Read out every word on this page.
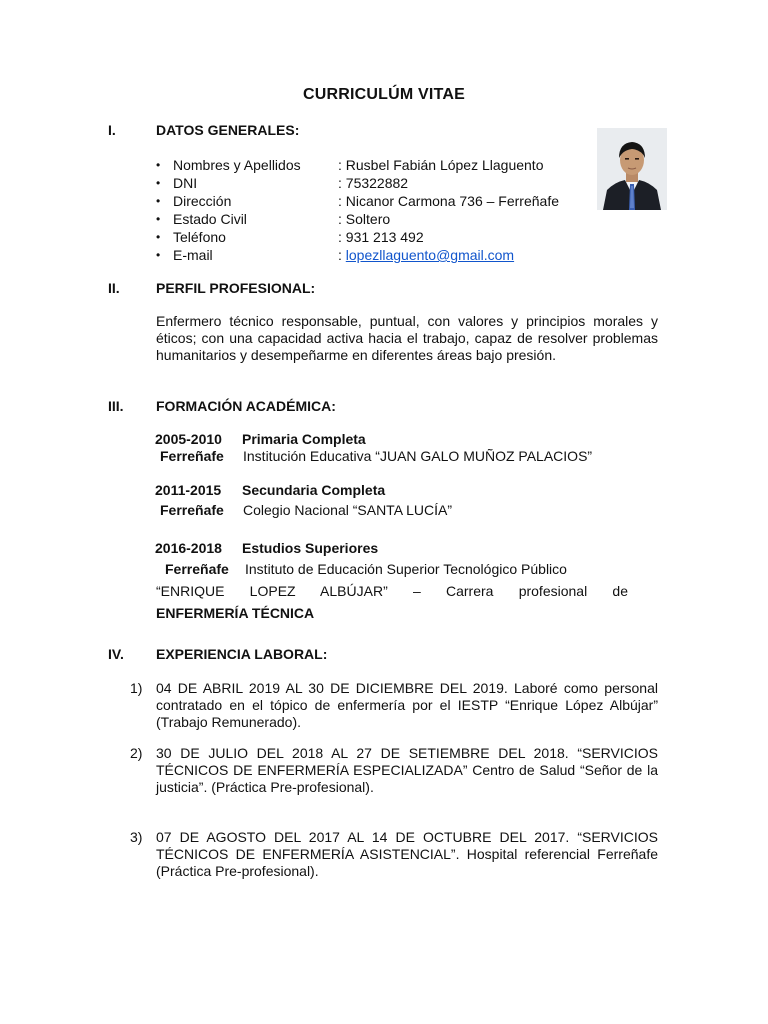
CURRICULÚM VITAE
I.	DATOS GENERALES:
• Nombres y Apellidos	: Rusbel Fabián López Llaguento
• DNI	: 75322882
• Dirección	: Nicanor Carmona 736 – Ferreñafe
• Estado Civil	: Soltero
• Teléfono	: 931 213 492
• E-mail	: lopezllaguento@gmail.com
II.	PERFIL PROFESIONAL:
Enfermero técnico responsable, puntual, con valores y principios morales y éticos; con una capacidad activa hacia el trabajo, capaz de resolver problemas humanitarios y desempeñarme en diferentes áreas bajo presión.
III. FORMACIÓN ACADÉMICA:
2005-2010 Primaria Completa
Ferreñafe Institución Educativa “JUAN GALO MUÑOZ PALACIOS”
2011-2015 Secundaria Completa
Ferreñafe Colegio Nacional “SANTA LUCÍA”
2016-2018 Estudios Superiores
Ferreñafe Instituto de Educación Superior Tecnológico Público
“ENRIQUE LOPEZ ALBÚJAR” – Carrera profesional de
ENFERMERÍA TÉCNICA
IV. EXPERIENCIA LABORAL:
1) 04 DE ABRIL 2019 AL 30 DE DICIEMBRE DEL 2019. Laboré como personal contratado en el tópico de enfermería por el IESTP “Enrique López Albújar” (Trabajo Remunerado).
2) 30 DE JULIO DEL 2018 AL 27 DE SETIEMBRE DEL 2018. “SERVICIOS TÉCNICOS DE ENFERMERÍA ESPECIALIZADA” Centro de Salud “Señor de la justicia”. (Práctica Pre-profesional).
3) 07 DE AGOSTO DEL 2017 AL 14 DE OCTUBRE DEL 2017. “SERVICIOS TÉCNICOS DE ENFERMERÍA ASISTENCIAL”. Hospital referencial Ferreñafe (Práctica Pre-profesional).
